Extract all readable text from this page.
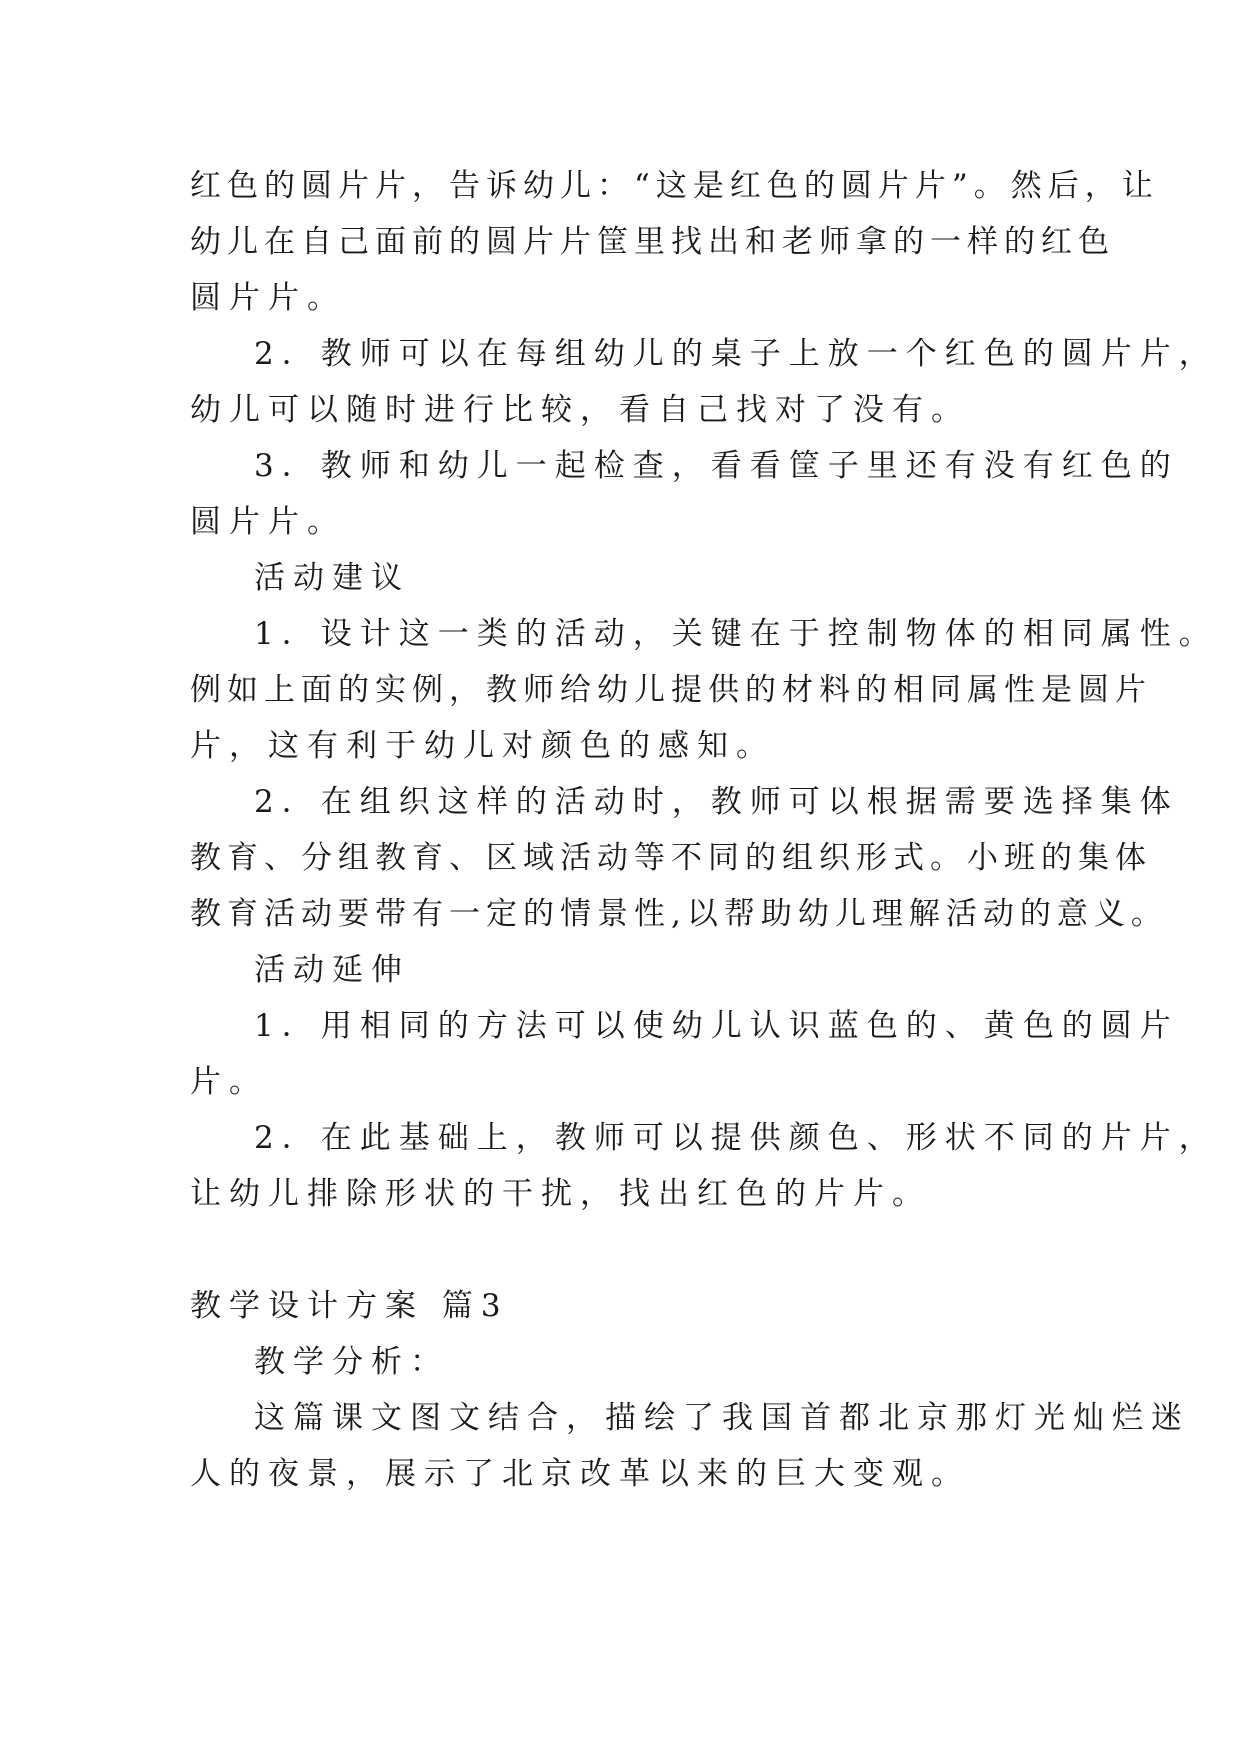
红色的圆片片，告诉幼儿：“这是红色的圆片片”。然后，让
幼儿在自己面前的圆片片筐里找出和老师拿的一样的红色
圆片片。
2．教师可以在每组幼儿的桌子上放一个红色的圆片片，
幼儿可以随时进行比较，看自己找对了没有。
3．教师和幼儿一起检查，看看筐子里还有没有红色的
圆片片。
活动建议
1．设计这一类的活动，关键在于控制物体的相同属性。
例如上面的实例，教师给幼儿提供的材料的相同属性是圆片
片，这有利于幼儿对颜色的感知。
2．在组织这样的活动时，教师可以根据需要选择集体
教育、分组教育、区域活动等不同的组织形式。小班的集体
教育活动要带有一定的情景性,以帮助幼儿理解活动的意义。
活动延伸
1．用相同的方法可以使幼儿认识蓝色的、黄色的圆片
片。
2．在此基础上，教师可以提供颜色、形状不同的片片，
让幼儿排除形状的干扰，找出红色的片片。
教学设计方案 篇3
教学分析：
这篇课文图文结合，描绘了我国首都北京那灯光灿烂迷
人的夜景，展示了北京改革以来的巨大变观。
